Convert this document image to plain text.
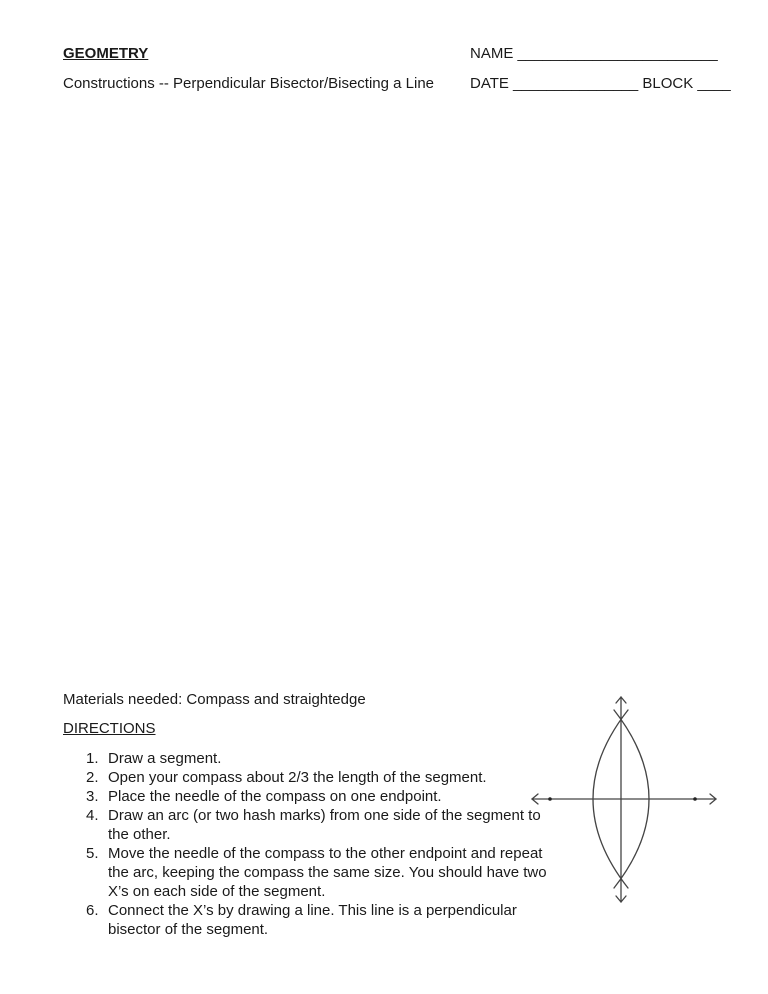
GEOMETRY
Constructions -- Perpendicular Bisector/Bisecting a Line
NAME ________________________
DATE _______________ BLOCK ____
Materials needed: Compass and straightedge
DIRECTIONS
1. Draw a segment.
2. Open your compass about 2/3 the length of the segment.
3. Place the needle of the compass on one endpoint.
4. Draw an arc (or two hash marks) from one side of the segment to the other.
5. Move the needle of the compass to the other endpoint and repeat the arc, keeping the compass the same size. You should have two X’s on each side of the segment.
6. Connect the X’s by drawing a line. This line is a perpendicular bisector of the segment.
